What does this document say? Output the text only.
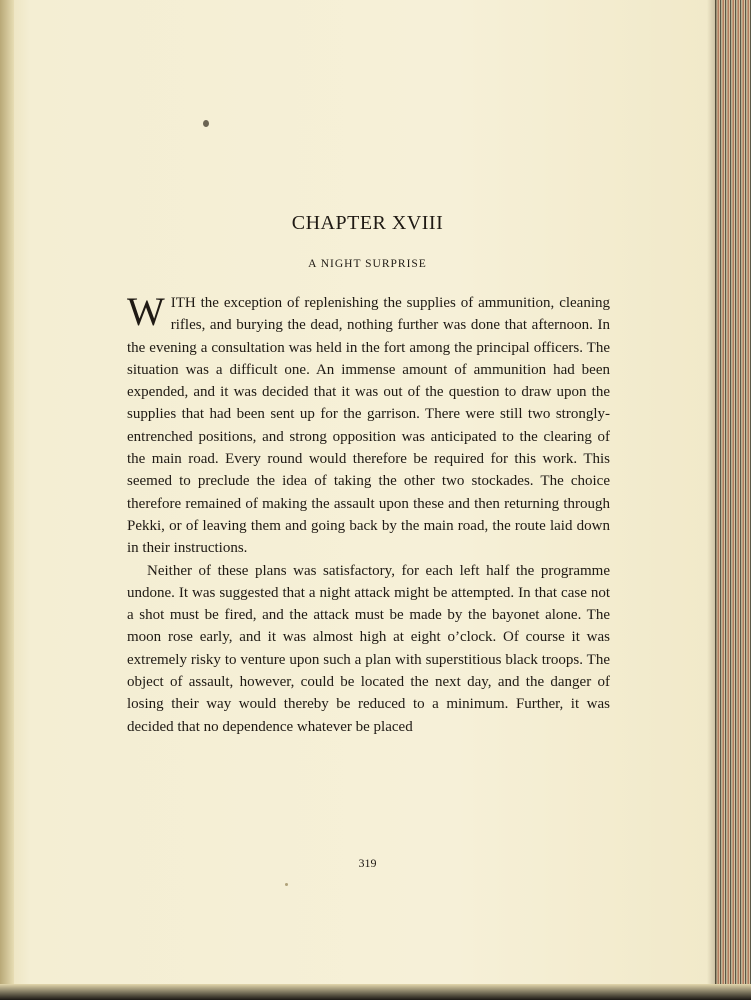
CHAPTER XVIII
A NIGHT SURPRISE

WITH the exception of replenishing the supplies of ammunition, cleaning rifles, and burying the dead, nothing further was done that afternoon. In the evening a consultation was held in the fort among the principal officers. The situation was a difficult one. An immense amount of ammunition had been expended, and it was decided that it was out of the question to draw upon the supplies that had been sent up for the garrison. There were still two strongly-entrenched positions, and strong opposition was anticipated to the clearing of the main road. Every round would therefore be required for this work. This seemed to preclude the idea of taking the other two stockades. The choice therefore remained of making the assault upon these and then returning through Pekki, or of leaving them and going back by the main road, the route laid down in their instructions.

Neither of these plans was satisfactory, for each left half the programme undone. It was suggested that a night attack might be attempted. In that case not a shot must be fired, and the attack must be made by the bayonet alone. The moon rose early, and it was almost high at eight o’clock. Of course it was extremely risky to venture upon such a plan with superstitious black troops. The object of assault, however, could be located the next day, and the danger of losing their way would thereby be reduced to a minimum. Further, it was decided that no dependence whatever be placed

319
